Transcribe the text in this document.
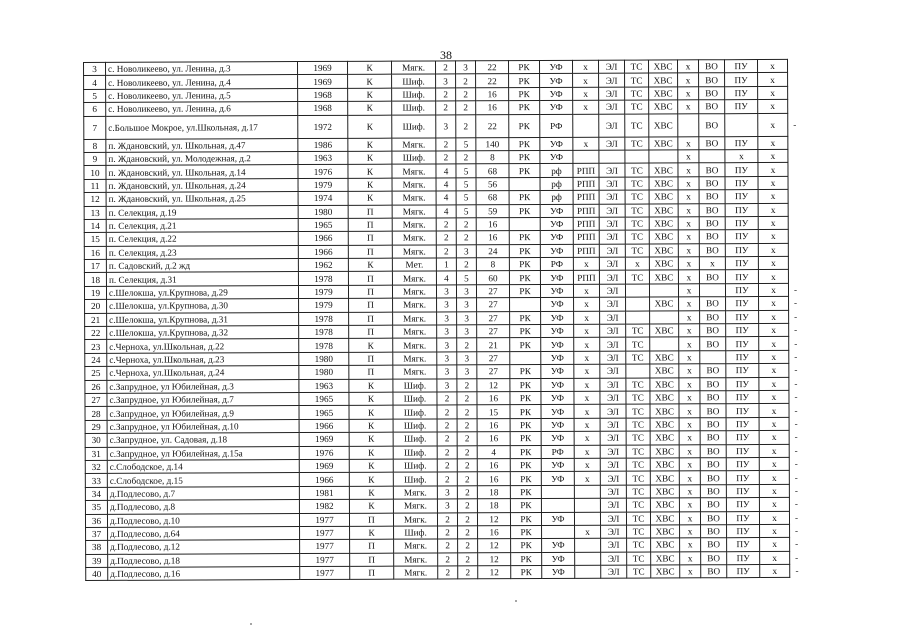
38
3	с. Новоликеево, ул. Ленина, д.3	1969	К	Мягк.	2	3	22	РК	УФ	х	ЭЛ	ТС	ХВС	х	ВО	ПУ	х	
4	с. Новоликеево, ул. Ленина, д.4	1969	К	Шиф.	3	2	22	РК	УФ	х	ЭЛ	ТС	ХВС	х	ВО	ПУ	х	
5	с. Новоликеево, ул. Ленина, д.5	1968	К	Шиф.	2	2	16	РК	УФ	х	ЭЛ	ТС	ХВС	х	ВО	ПУ	х	
6	с. Новоликеево, ул. Ленина, д.6	1968	К	Шиф.	2	2	16	РК	УФ	х	ЭЛ	ТС	ХВС	х	ВО	ПУ	х	
7	с.Большое Мокрое, ул.Школьная, д.17	1972	К	Шиф.	3	2	22	РК	РФ		ЭЛ	ТС	ХВС		ВО		х	-
8	п. Ждановский, ул. Школьная, д.47	1986	К	Мягк.	2	5	140	РК	УФ	х	ЭЛ	ТС	ХВС	х	ВО	ПУ	х	
9	п. Ждановский, ул. Молодежная, д.2	1963	К	Шиф.	2	2	8	РК	УФ					х		х	х	
10	п. Ждановский, ул. Школьная, д.14	1976	К	Мягк.	4	5	68	РК	рф	РПП	ЭЛ	ТС	ХВС	х	ВО	ПУ	х	
11	п. Ждановский, ул. Школьная, д.24	1979	К	Мягк.	4	5	56		рф	РПП	ЭЛ	ТС	ХВС	х	ВО	ПУ	х	
12	п. Ждановский, ул. Школьная, д.25	1974	К	Мягк.	4	5	68	РК	рф	РПП	ЭЛ	ТС	ХВС	х	ВО	ПУ	х	
13	п. Селекция, д.19	1980	П	Мягк.	4	5	59	РК	УФ	РПП	ЭЛ	ТС	ХВС	х	ВО	ПУ	х	
14	п. Селекция, д.21	1965	П	Мягк.	2	2	16		УФ	РПП	ЭЛ	ТС	ХВС	х	ВО	ПУ	х	
15	п. Селекция, д.22	1966	П	Мягк.	2	2	16	РК	УФ	РПП	ЭЛ	ТС	ХВС	х	ВО	ПУ	х	
16	п. Селекция, д.23	1966	П	Мягк.	2	3	24	РК	УФ	РПП	ЭЛ	ТС	ХВС	х	ВО	ПУ	х	
17	п. Садовский, д.2 жд	1962	К	Мет.	1	2	8	РК	РФ	х	ЭЛ	х	ХВС	х	х	ПУ	х	
18	п. Селекция, д.31	1978	П	Мягк.	4	5	60	РК	УФ	РПП	ЭЛ	ТС	ХВС	х	ВО	ПУ	х	
19	с.Шелокша, ул.Крупнова, д.29	1979	П	Мягк.	3	3	27	РК	УФ	х	ЭЛ			х		ПУ	х	-
20	с.Шелокша, ул.Крупнова, д.30	1979	П	Мягк.	3	3	27		УФ	х	ЭЛ		ХВС	х	ВО	ПУ	х	-
21	с.Шелокша, ул.Крупнова, д.31	1978	П	Мягк.	3	3	27	РК	УФ	х	ЭЛ			х	ВО	ПУ	х	-
22	с.Шелокша, ул.Крупнова, д.32	1978	П	Мягк.	3	3	27	РК	УФ	х	ЭЛ	ТС	ХВС	х	ВО	ПУ	х	-
23	с.Черноха, ул.Школьная, д.22	1978	К	Мягк.	3	2	21	РК	УФ	х	ЭЛ	ТС		х	ВО	ПУ	х	-
24	с.Черноха, ул.Школьная, д.23	1980	П	Мягк.	3	3	27		УФ	х	ЭЛ	ТС	ХВС	х		ПУ	х	-
25	с.Черноха, ул.Школьная, д.24	1980	П	Мягк.	3	3	27	РК	УФ	х	ЭЛ		ХВС	х	ВО	ПУ	х	-
26	с.Запрудное, ул Юбилейная, д.3	1963	К	Шиф.	3	2	12	РК	УФ	х	ЭЛ	ТС	ХВС	х	ВО	ПУ	х	-
27	с.Запрудное, ул Юбилейная, д.7	1965	К	Шиф.	2	2	16	РК	УФ	х	ЭЛ	ТС	ХВС	х	ВО	ПУ	х	-
28	с.Запрудное, ул Юбилейная, д.9	1965	К	Шиф.	2	2	15	РК	УФ	х	ЭЛ	ТС	ХВС	х	ВО	ПУ	х	-
29	с.Запрудное, ул Юбилейная, д.10	1966	К	Шиф.	2	2	16	РК	УФ	х	ЭЛ	ТС	ХВС	х	ВО	ПУ	х	-
30	с.Запрудное, ул. Садовая, д.18	1969	К	Шиф.	2	2	16	РК	УФ	х	ЭЛ	ТС	ХВС	х	ВО	ПУ	х	-
31	с.Запрудное, ул Юбилейная, д.15а	1976	К	Шиф.	2	2	4	РК	РФ	х	ЭЛ	ТС	ХВС	х	ВО	ПУ	х	-
32	с.Слободское, д.14	1969	К	Шиф.	2	2	16	РК	УФ	х	ЭЛ	ТС	ХВС	х	ВО	ПУ	х	-
33	с.Слободское, д.15	1966	К	Шиф.	2	2	16	РК	УФ	х	ЭЛ	ТС	ХВС	х	ВО	ПУ	х	-
34	д.Подлесово, д.7	1981	К	Мягк.	3	2	18	РК			ЭЛ	ТС	ХВС	х	ВО	ПУ	х	-
35	д.Подлесово, д.8	1982	К	Мягк.	3	2	18	РК			ЭЛ	ТС	ХВС	х	ВО	ПУ	х	-
36	д.Подлесово, д.10	1977	П	Мягк.	2	2	12	РК	УФ		ЭЛ	ТС	ХВС	х	ВО	ПУ	х	-
37	д.Подлесово, д.64	1977	К	Шиф.	2	2	16	РК		х	ЭЛ	ТС	ХВС	х	ВО	ПУ	х	-
38	д.Подлесово, д.12	1977	П	Мягк.	2	2	12	РК	УФ		ЭЛ	ТС	ХВС	х	ВО	ПУ	х	-
39	д.Подлесово, д.18	1977	П	Мягк.	2	2	12	РК	УФ		ЭЛ	ТС	ХВС	х	ВО	ПУ	х	-
40	д.Подлесово, д.16	1977	П	Мягк.	2	2	12	РК	УФ		ЭЛ	ТС	ХВС	х	ВО	ПУ	х	-
